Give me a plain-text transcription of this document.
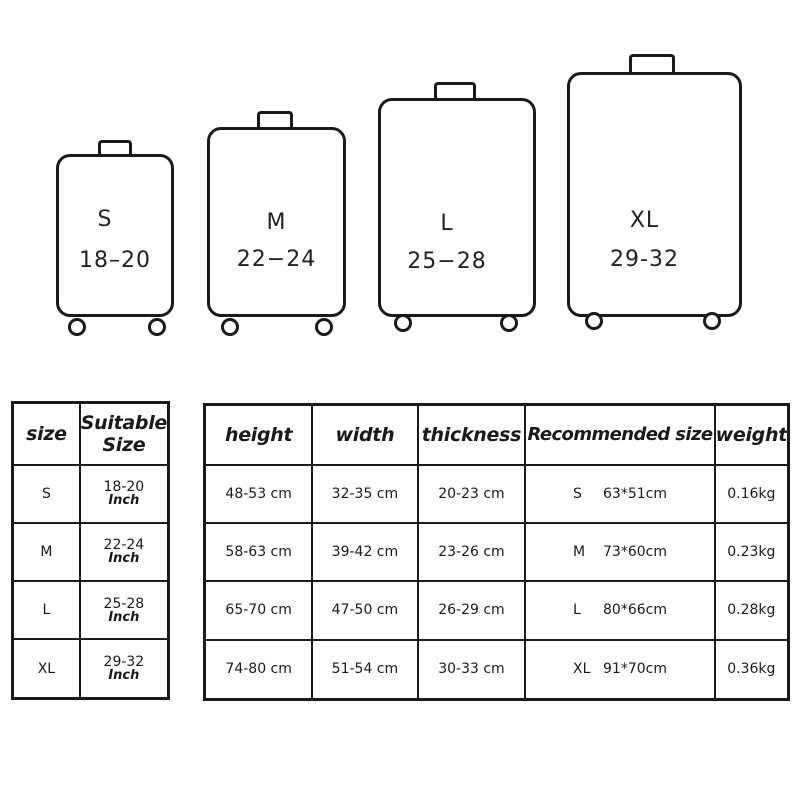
S
18–20
M
22−24
L
25−28
XL
29-32
size	Suitable
Size

S	18-20
Inch

M	22-24
Inch

L	25-28
Inch

XL	29-32
Inch
height	width	thickness	Recommended size	weight
48-53 cm	32-35 cm	20-23 cm	S 63*51cm	0.16kg
58-63 cm	39-42 cm	23-26 cm	M 73*60cm	0.23kg
65-70 cm	47-50 cm	26-29 cm	L 80*66cm	0.28kg
74-80 cm	51-54 cm	30-33 cm	XL 91*70cm	0.36kg
